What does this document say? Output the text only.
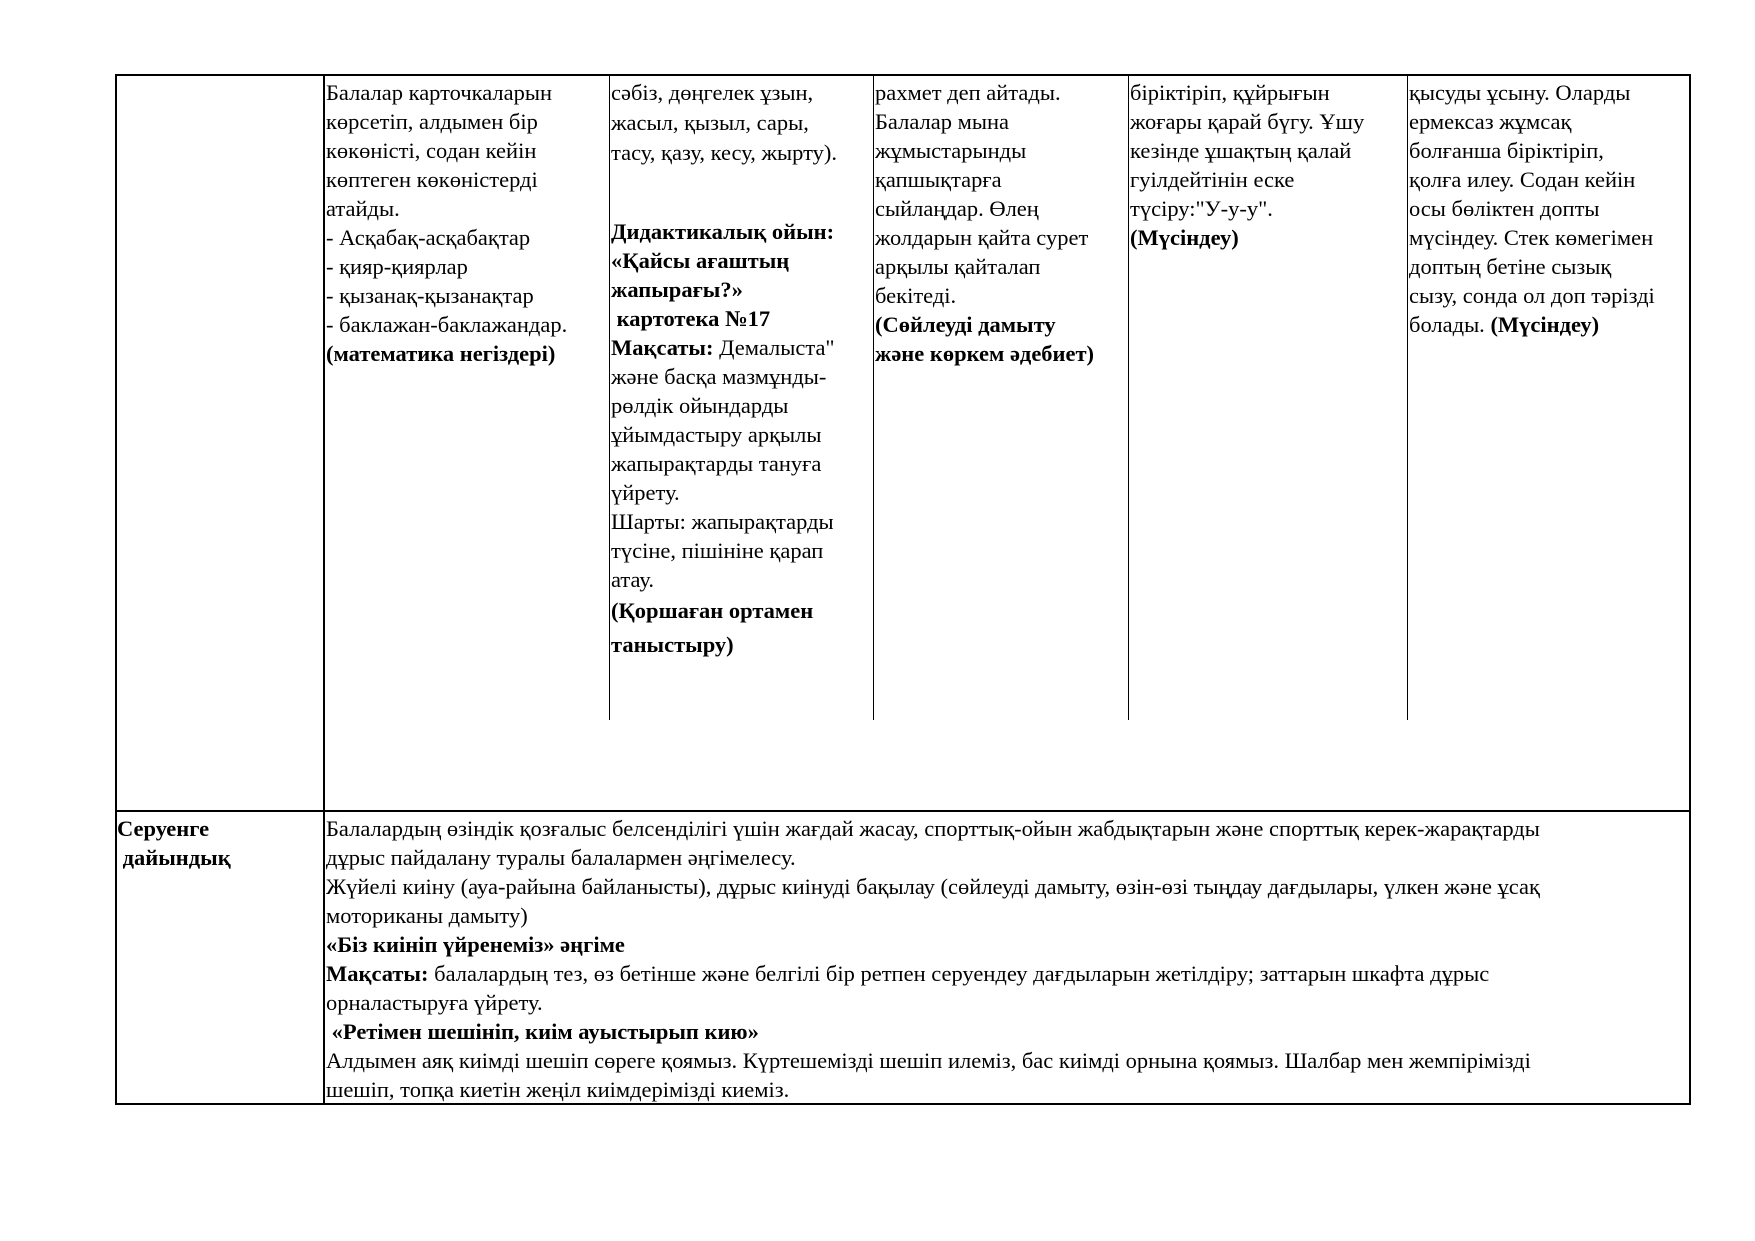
Балалар карточкаларын
көрсетіп, алдымен бір
көкөністі, содан кейін
көптеген көкөністерді
атайды.
- Асқабақ-асқабақтар
- қияр-қиярлар
- қызанақ-қызанақтар
- баклажан-баклажандар.
(математика негіздері)
сәбіз, дөңгелек ұзын,
жасыл, қызыл, сары,
тасу, қазу, кесу, жырту).
Дидактикалық ойын:
«Қайсы ағаштың
жапырағы?»
картотека №17
Мақсаты: Демалыста"
және басқа мазмұнды-
рөлдік ойындарды
ұйымдастыру арқылы
жапырақтарды тануға
үйрету.
Шарты: жапырақтарды
түсіне, пішініне қарап
атау.
(Қоршаған ортамен
таныстыру)
рахмет деп айтады.
Балалар мына
жұмыстарынды
қапшықтарға
сыйлаңдар. Өлең
жолдарын қайта сурет
арқылы қайталап
бекітеді.
(Сөйлеуді дамыту
және көркем әдебиет)
біріктіріп, құйрығын
жоғары қарай бүгу. Ұшу
кезінде ұшақтың қалай
гуілдейтінін еске
түсіру:"У-у-у".
(Мүсіндеу)
қысуды ұсыну. Оларды
ермексаз жұмсақ
болғанша біріктіріп,
қолға илеу. Содан кейін
осы бөліктен допты
мүсіндеу. Стек көмегімен
доптың бетіне сызық
сызу, сонда ол доп тәрізді
болады. (Мүсіндеу)
Серуенге
дайындық
Балалардың өзіндік қозғалыс белсенділігі үшін жағдай жасау, спорттық-ойын жабдықтарын және спорттық керек-жарақтарды
дұрыс пайдалану туралы балалармен әңгімелесу.
Жүйелі киіну (ауа-райына байланысты), дұрыс киінуді бақылау (сөйлеуді дамыту, өзін-өзі тыңдау дағдылары, үлкен және ұсақ
моториканы дамыту)
«Біз киініп үйренеміз» әңгіме
Мақсаты: балалардың тез, өз бетінше және белгілі бір ретпен серуендеу дағдыларын жетілдіру; заттарын шкафта дұрыс
орналастыруға үйрету.
«Ретімен шешініп, киім ауыстырып кию»
Алдымен аяқ киімді шешіп сөреге қоямыз. Күртешемізді шешіп илеміз, бас киімді орнына қоямыз. Шалбар мен жемпірімізді
шешіп, топқа киетін жеңіл киімдерімізді киеміз.
